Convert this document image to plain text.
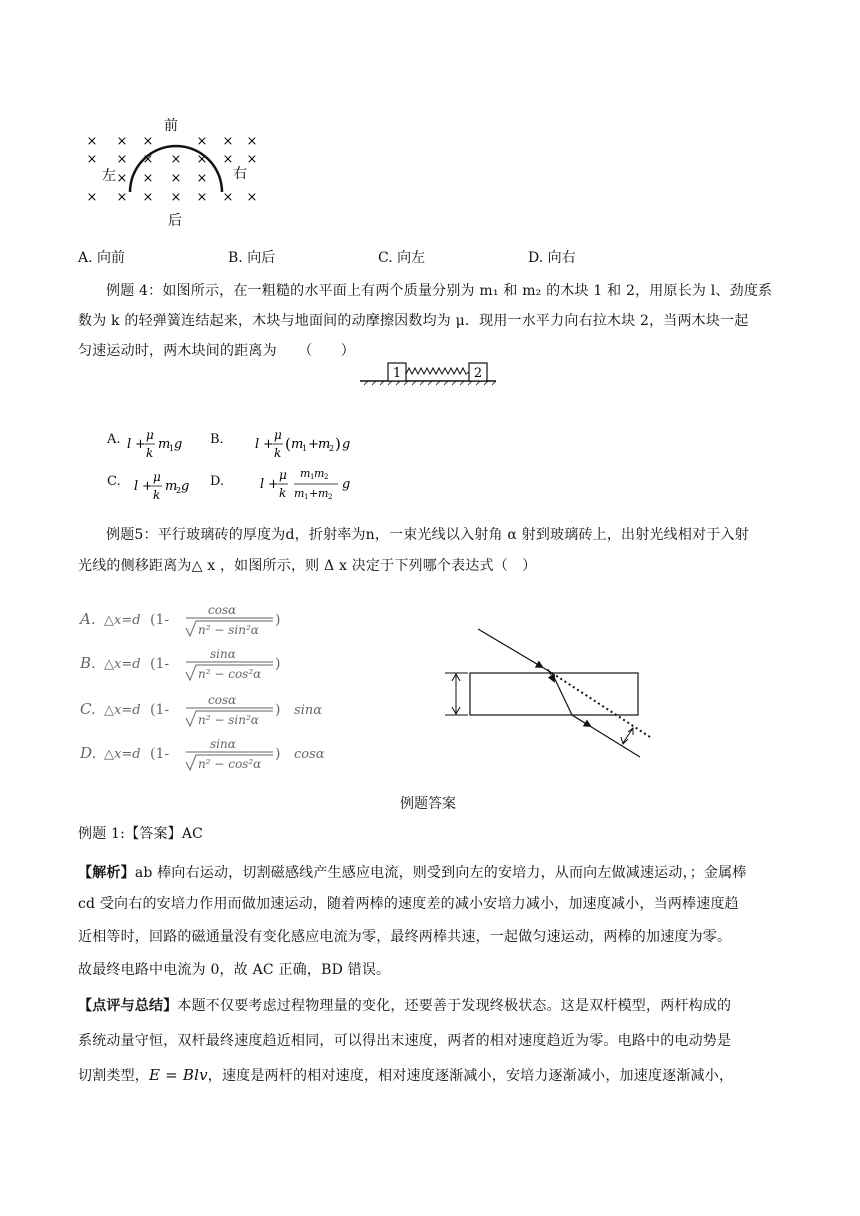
× × ×	× × ×
× × × × × × ×
× × × ×
× × × × × × ×
前
后
左	右
A. 向前	B. 向后	C. 向左	D. 向右
例题 4：如图所示，在一粗糙的水平面上有两个质量分别为 m₁ 和 m₂ 的木块 1 和 2，用原长为 l、劲度系
数为 k 的轻弹簧连结起来，木块与地面间的动摩擦因数均为 μ．现用一水平力向右拉木块 2，当两木块一起
匀速运动时，两木块间的距离为　　（　　）
1	2
A. l +
μ
k
m
1 g B. l +
μ
k ( m
1 + m
2 ) g
C. l +
μ
k
m
2 g D.	l +
μ
k
m 1 m 2
m 1 + m 2
g
例题5：平行玻璃砖的厚度为d，折射率为n，一束光线以入射角 α 射到玻璃砖上，出射光线相对于入射
光线的侧移距离为△ x ，如图所示，则 Δ x 决定于下列哪个表达式（　）
A. △x=d (1-
cosα
n² − sin²α
)
B. △x=d (1-
sinα
n² − cos²α
)
C. △x=d (1-
cosα
n² − sin²α
) sinα
D. △x=d (1-
sinα
n² − cos²α
) cosα
例题答案
例题 1:【答案】AC
【解析】ab 棒向右运动，切割磁感线产生感应电流，则受到向左的安培力，从而向左做减速运动，；金属棒
cd 受向右的安培力作用而做加速运动，随着两棒的速度差的减小安培力减小，加速度减小，当两棒速度趋
近相等时，回路的磁通量没有变化感应电流为零，最终两棒共速，一起做匀速运动，两棒的加速度为零。
故最终电路中电流为 0，故 AC 正确，BD 错误。
【点评与总结】本题不仅要考虑过程物理量的变化，还要善于发现终极状态。这是双杆模型，两杆构成的
系统动量守恒，双杆最终速度趋近相同，可以得出末速度，两者的相对速度趋近为零。电路中的电动势是
切割类型，E = Blv，速度是两杆的相对速度，相对速度逐渐减小，安培力逐渐减小，加速度逐渐减小，
